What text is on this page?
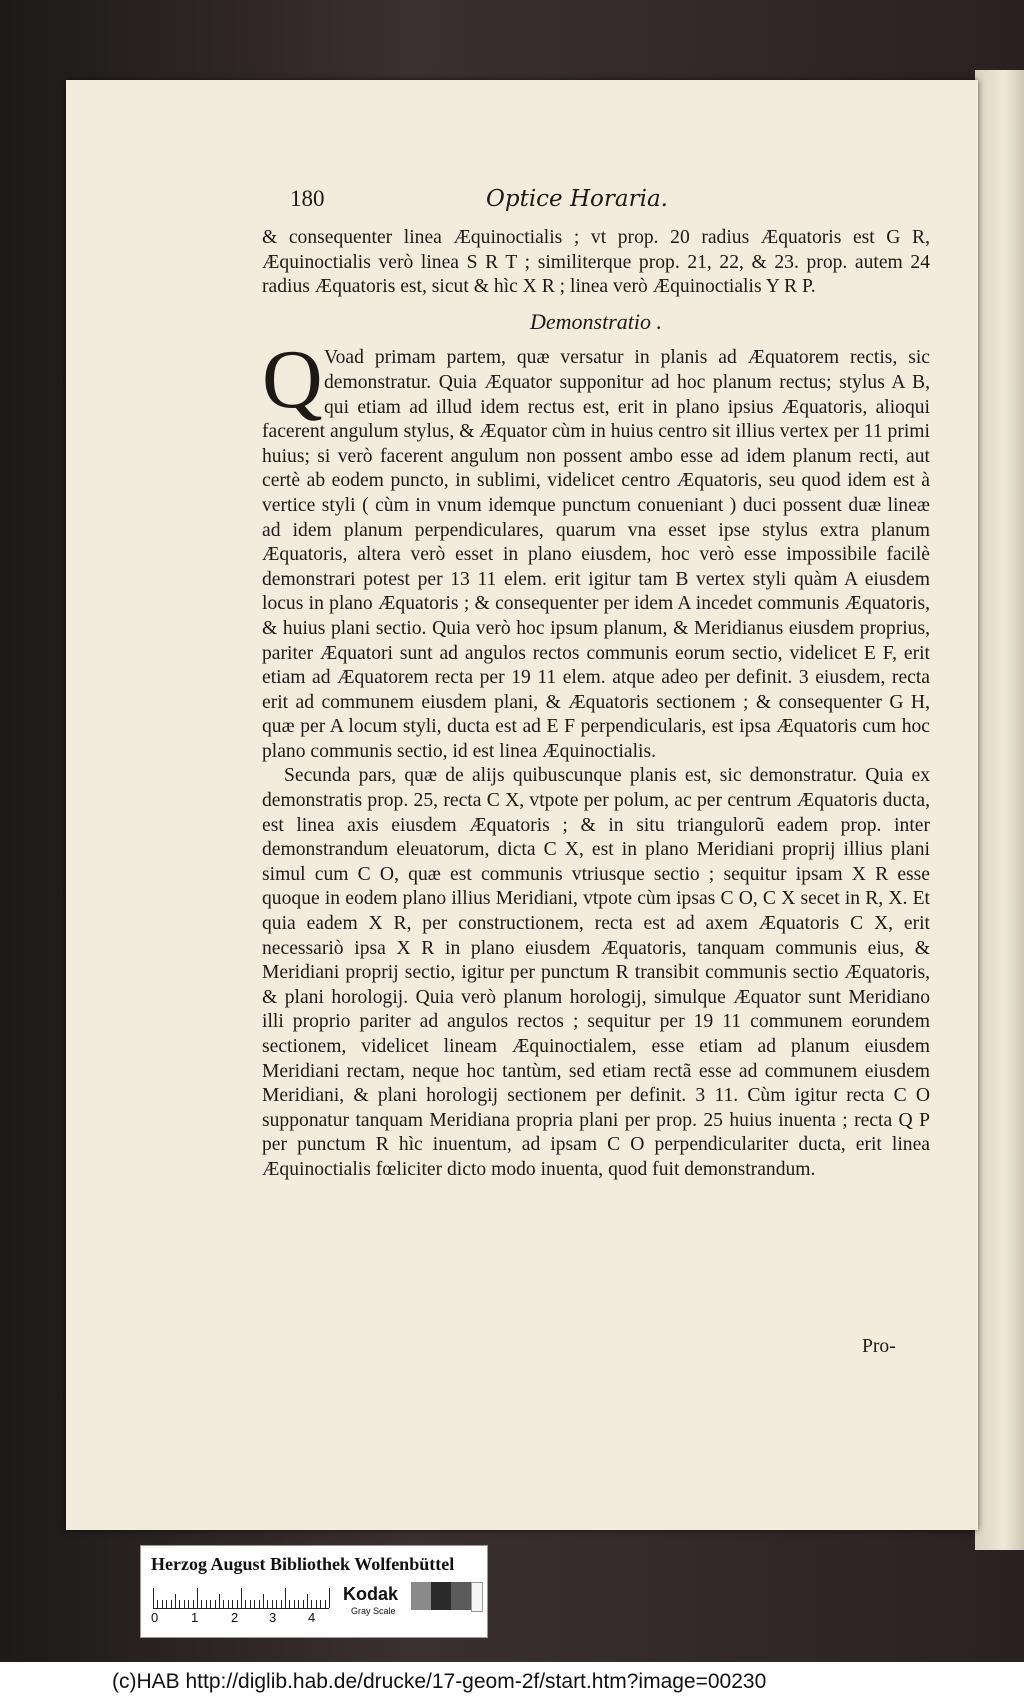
180	Optice Horaria.

& consequenter linea Æquinoctialis ; vt prop. 20 radius Æquatoris est G R, Æquinoctialis verò linea S R T ; similiterque prop. 21, 22, & 23. prop. autem 24 radius Æquatoris est, sicut & hìc X R ; linea verò Æquinoctialis Y R P.

Demonstratio .

Q Voad primam partem, quæ versatur in planis ad Æquatorem rectis, sic demonstratur. Quia Æquator supponitur ad hoc planum rectus; stylus A B, qui etiam ad illud idem rectus est, erit in plano ipsius Æquatoris, alioqui facerent angulum stylus, & Æquator cùm in huius centro sit illius vertex per 11 primi huius; si verò facerent angulum non possent ambo esse ad idem planum recti, aut certè ab eodem puncto, in sublimi, videlicet centro Æquatoris, seu quod idem est à vertice styli ( cùm in vnum idemque punctum conueniant ) duci possent duæ lineæ ad idem planum perpendiculares, quarum vna esset ipse stylus extra planum Æquatoris, altera verò esset in plano eiusdem, hoc verò esse impossibile facilè demonstrari potest per 13 11 elem. erit igitur tam B vertex styli quàm A eiusdem locus in plano Æquatoris ; & consequenter per idem A incedet communis Æquatoris, & huius plani sectio. Quia verò hoc ipsum planum, & Meridianus eiusdem proprius, pariter Æquatori sunt ad angulos rectos communis eorum sectio, videlicet E F, erit etiam ad Æquatorem recta per 19 11 elem. atque adeo per definit. 3 eiusdem, recta erit ad communem eiusdem plani, & Æquatoris sectionem ; & consequenter G H, quæ per A locum styli, ducta est ad E F perpendicularis, est ipsa Æquatoris cum hoc plano communis sectio, id est linea Æquinoctialis.

Secunda pars, quæ de alijs quibuscunque planis est, sic demonstratur. Quia ex demonstratis prop. 25, recta C X, vtpote per polum, ac per centrum Æquatoris ducta, est linea axis eiusdem Æquatoris ; & in situ triangulorũ eadem prop. inter demonstrandum eleuatorum, dicta C X, est in plano Meridiani proprij illius plani simul cum C O, quæ est communis vtriusque sectio ; sequitur ipsam X R esse quoque in eodem plano illius Meridiani, vtpote cùm ipsas C O, C X secet in R, X. Et quia eadem X R, per constructionem, recta est ad axem Æquatoris C X, erit necessariò ipsa X R in plano eiusdem Æquatoris, tanquam communis eius, & Meridiani proprij sectio, igitur per punctum R transibit communis sectio Æquatoris, & plani horologij. Quia verò planum horologij, simulque Æquator sunt Meridiano illi proprio pariter ad angulos rectos ; sequitur per 19 11 communem eorundem sectionem, videlicet lineam Æquinoctialem, esse etiam ad planum eiusdem Meridiani rectam, neque hoc tantùm, sed etiam rectã esse ad communem eiusdem Meridiani, & plani horologij sectionem per definit. 3 11. Cùm igitur recta C O supponatur tanquam Meridiana propria plani per prop. 25 huius inuenta ; recta Q P per punctum R hìc inuentum, ad ipsam C O perpendiculariter ducta, erit linea Æquinoctialis fœliciter dicto modo inuenta, quod fuit demonstrandum.

Pro-
Herzog August Bibliothek Wolfenbüttel
0	1	2 3 4
Kodak
Gray Scale
(c)HAB http://diglib.hab.de/drucke/17-geom-2f/start.htm?image=00230
